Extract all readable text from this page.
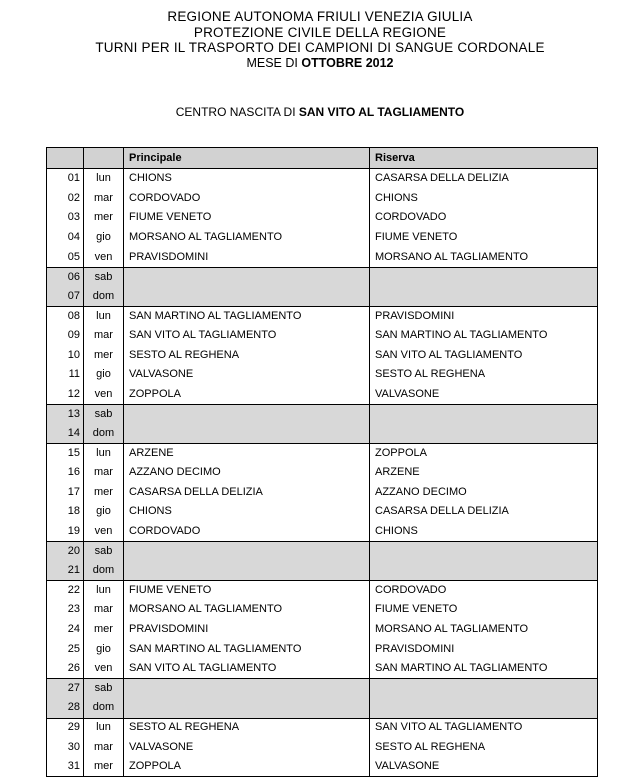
REGIONE AUTONOMA FRIULI VENEZIA GIULIA
PROTEZIONE CIVILE DELLA REGIONE
TURNI PER IL TRASPORTO DEI CAMPIONI DI SANGUE CORDONALE
MESE DI OTTOBRE 2012
CENTRO NASCITA DI SAN VITO AL TAGLIAMENTO
Principale	Riserva
01	lun	CHIONS	CASARSA DELLA DELIZIA
02	mar	CORDOVADO	CHIONS
03	mer	FIUME VENETO	CORDOVADO
04	gio	MORSANO AL TAGLIAMENTO	FIUME VENETO
05	ven	PRAVISDOMINI	MORSANO AL TAGLIAMENTO
06	sab
07	dom
08	lun	SAN MARTINO AL TAGLIAMENTO	PRAVISDOMINI
09	mar	SAN VITO AL TAGLIAMENTO	SAN MARTINO AL TAGLIAMENTO
10	mer	SESTO AL REGHENA	SAN VITO AL TAGLIAMENTO
11	gio	VALVASONE	SESTO AL REGHENA
12	ven	ZOPPOLA	VALVASONE
13	sab
14	dom
15	lun	ARZENE	ZOPPOLA
16	mar	AZZANO DECIMO	ARZENE
17	mer	CASARSA DELLA DELIZIA	AZZANO DECIMO
18	gio	CHIONS	CASARSA DELLA DELIZIA
19	ven	CORDOVADO	CHIONS
20	sab
21	dom
22	lun	FIUME VENETO	CORDOVADO
23	mar	MORSANO AL TAGLIAMENTO	FIUME VENETO
24	mer	PRAVISDOMINI	MORSANO AL TAGLIAMENTO
25	gio	SAN MARTINO AL TAGLIAMENTO	PRAVISDOMINI
26	ven	SAN VITO AL TAGLIAMENTO	SAN MARTINO AL TAGLIAMENTO
27	sab
28	dom
29	lun	SESTO AL REGHENA	SAN VITO AL TAGLIAMENTO
30	mar	VALVASONE	SESTO AL REGHENA
31	mer	ZOPPOLA	VALVASONE
